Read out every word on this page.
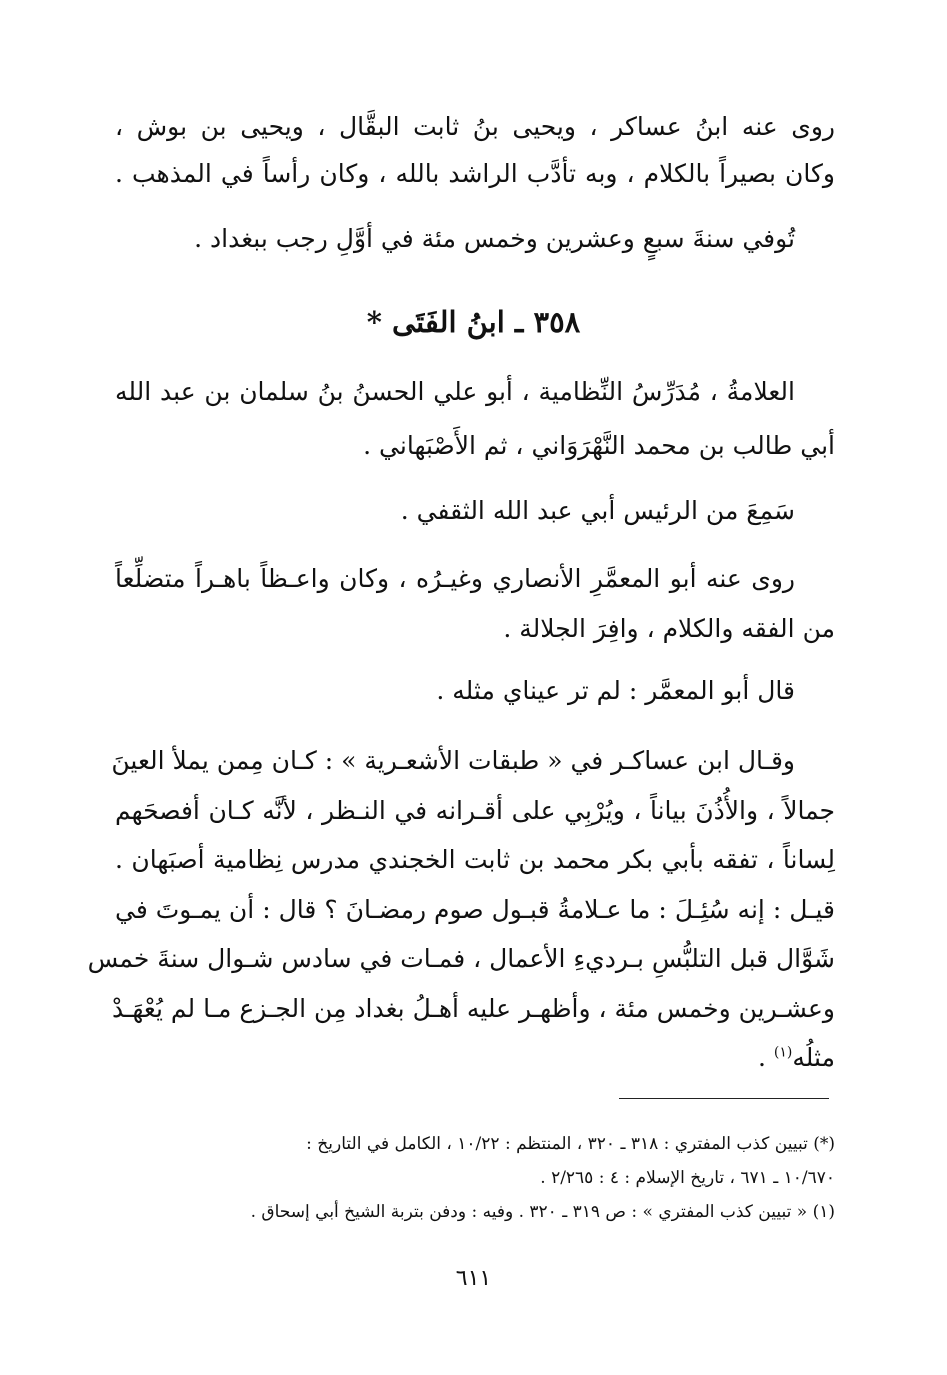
روى عنه ابنُ عساكر ، ويحيى بنُ ثابت البقَّال ، ويحيى بن بوش ،
وكان بصيراً بالكلام ، وبه تأدَّب الراشد بالله ، وكان رأساً في المذهب .
تُوفي سنةَ سبعٍ وعشرين وخمس مئة في أوَّلِ رجب ببغداد .
٣٥٨ ـ ابنُ الفَتَى *
العلامةُ ، مُدَرِّسُ النِّظامية ، أبو علي الحسنُ بنُ سلمان بن عبد الله
أبي طالب بن محمد النَّهْرَوَاني ، ثم الأَصْبَهاني .
سَمِعَ من الرئيس أبي عبد الله الثقفي .
روى عنه أبو المعمَّرِ الأنصاري وغيـرُه ، وكان واعـظاً باهـراً متضلِّعاً
من الفقه والكلام ، وافِرَ الجلالة .
قال أبو المعمَّر : لم تر عيناي مثله .
وقـال ابن عساكـر في « طبقات الأشعـرية » : كـان مِمن يملأ العينَ
جمالاً ، والأُذُنَ بياناً ، ويُرْبِي على أقـرانه في النـظر ، لأنَّه كـان أفصحَهم
لِساناً ، تفقه بأبي بكر محمد بن ثابت الخجندي مدرس نِظامية أصبَهان .
قيـل : إنه سُئِـلَ : ما عـلامةُ قبـول صوم رمضـانَ ؟ قال : أن يمـوتَ في
شَوَّال قبل التلبُّسِ بـرديءِ الأعمال ، فمـات في سادس شـوال سنةَ خمس
وعشـرين وخمس مئة ، وأظهـر عليه أهـلُ بغداد مِن الجـزع مـا لم يُعْهَـدْ
مثلُه$^{(١)}$ .
(*) تبيين كذب المفتري : ٣١٨ ـ ٣٢٠ ، المنتظم : ١٠/٢٢ ، الكامل في التاريخ :
١٠/٦٧٠ ـ ٦٧١ ، تاريخ الإسلام : ٤ : ٢/٢٦٥ .
(١) « تبيين كذب المفتري » : ص ٣١٩ ـ ٣٢٠ . وفيه : ودفن بتربة الشيخ أبي إسحاق .
٦١١
